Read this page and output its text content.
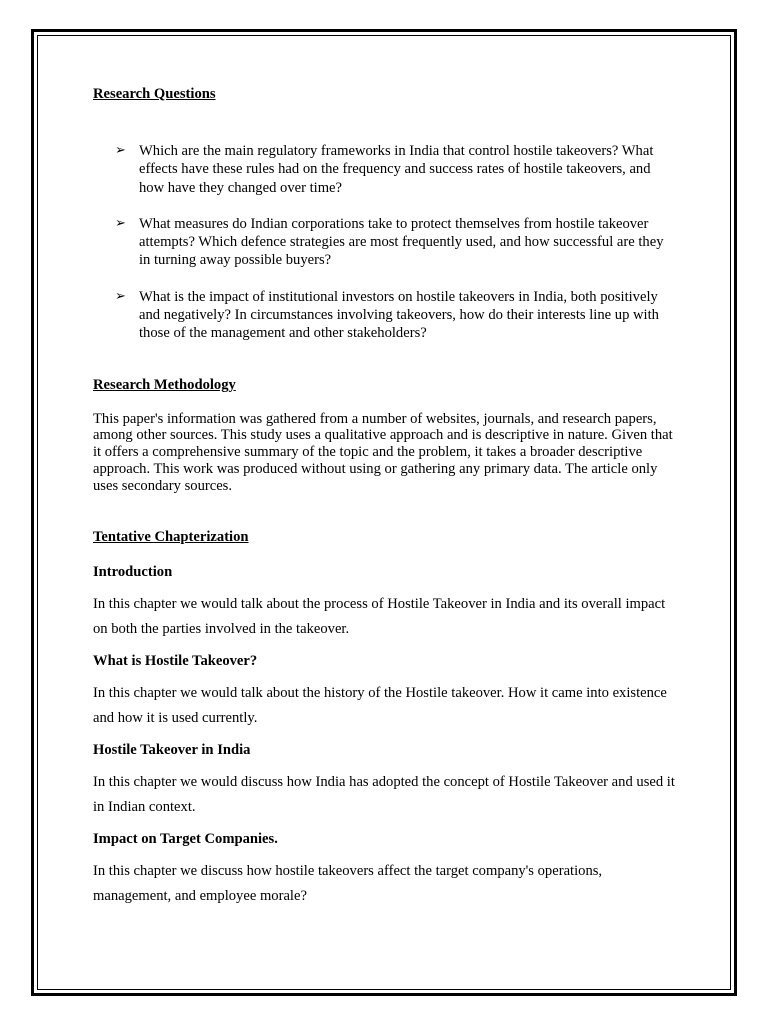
Research Questions

➢ Which are the main regulatory frameworks in India that control hostile takeovers? What effects have these rules had on the frequency and success rates of hostile takeovers, and how have they changed over time?
➢ What measures do Indian corporations take to protect themselves from hostile takeover attempts? Which defence strategies are most frequently used, and how successful are they in turning away possible buyers?
➢ What is the impact of institutional investors on hostile takeovers in India, both positively and negatively? In circumstances involving takeovers, how do their interests line up with those of the management and other stakeholders?

Research Methodology

This paper's information was gathered from a number of websites, journals, and research papers, among other sources. This study uses a qualitative approach and is descriptive in nature. Given that it offers a comprehensive summary of the topic and the problem, it takes a broader descriptive approach. This work was produced without using or gathering any primary data. The article only uses secondary sources.

Tentative Chapterization

Introduction

In this chapter we would talk about the process of Hostile Takeover in India and its overall impact on both the parties involved in the takeover.

What is Hostile Takeover?

In this chapter we would talk about the history of the Hostile takeover. How it came into existence and how it is used currently.

Hostile Takeover in India

In this chapter we would discuss how India has adopted the concept of Hostile Takeover and used it in Indian context.

Impact on Target Companies.

In this chapter we discuss how hostile takeovers affect the target company's operations, management, and employee morale?
